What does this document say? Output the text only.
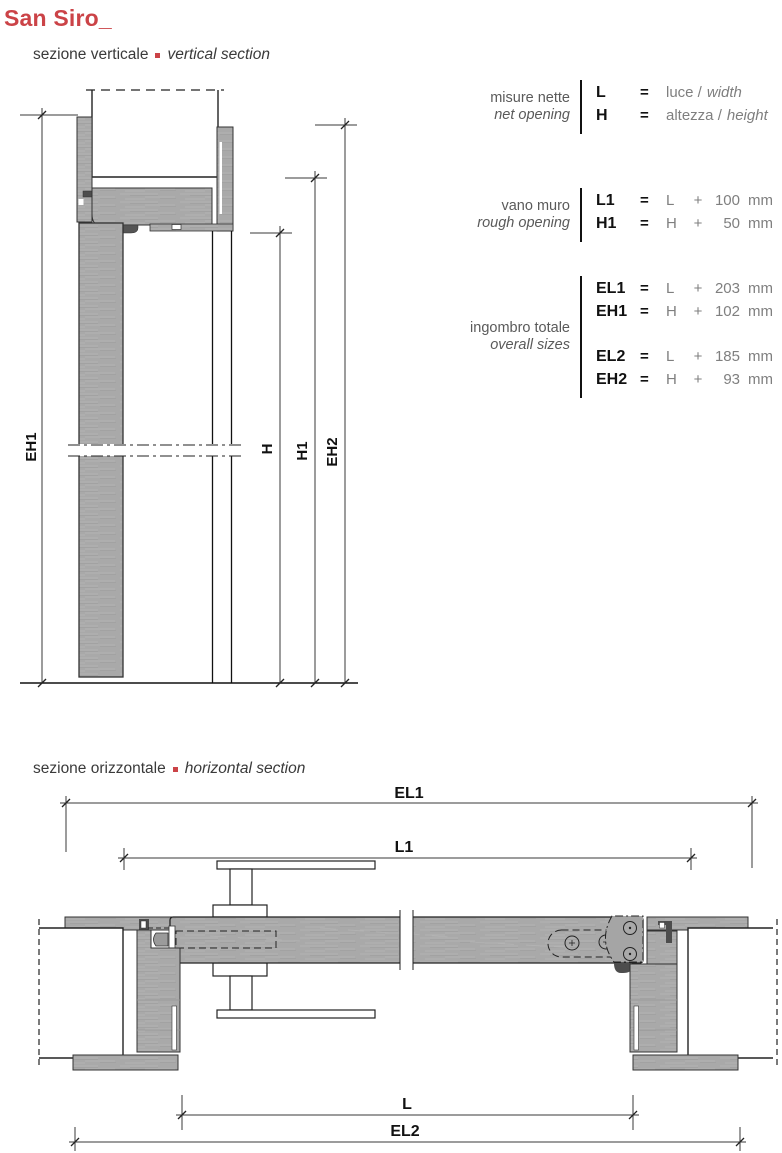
San Siro_
sezione verticale vertical section
sezione orizzontale horizontal section
misure nette
net opening
L	=	luce / width
H	=	altezza / height
vano muro
rough opening
L1	=	L	+ 100 mm
H1	=	H	+	50 mm
ingombro totale
overall sizes
EL1 =	L	+ 203 mm
EH1 =	H	+ 102 mm
EL2 =	L	+ 185 mm
EH2 =	H	+	93 mm
EH1	H H1 EH2
EL1
L1
L
EL2
